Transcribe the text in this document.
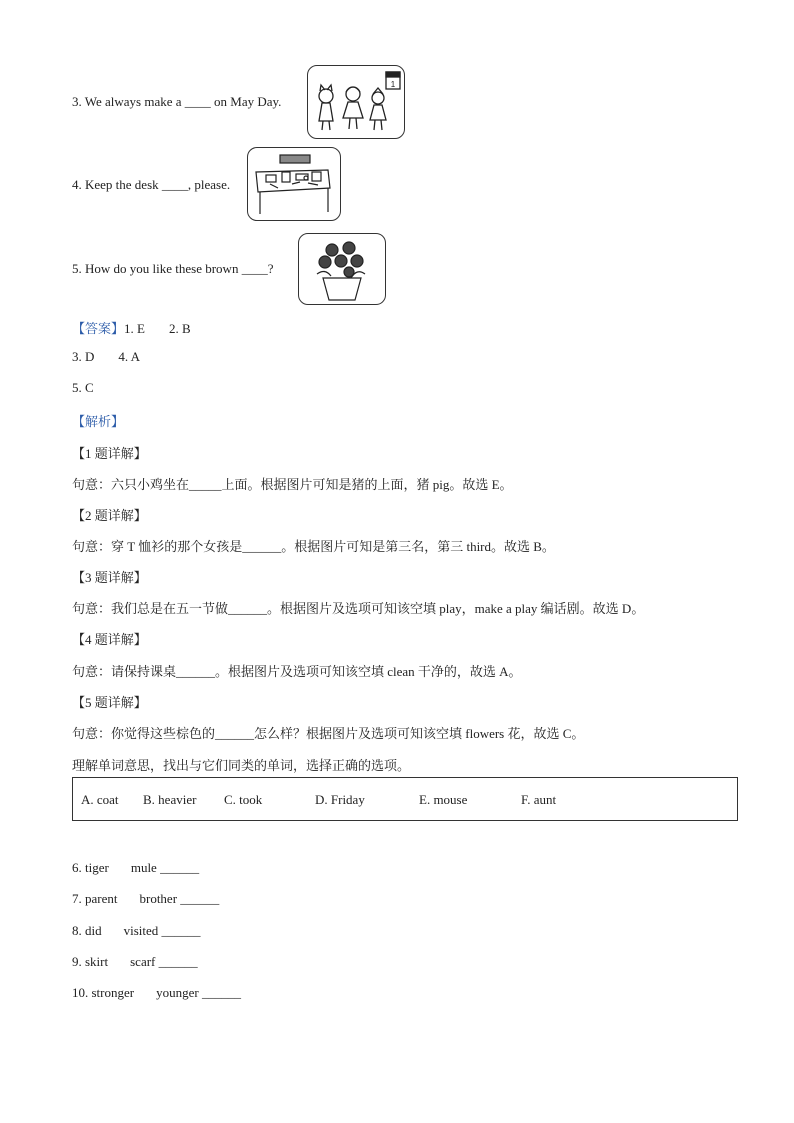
3. We always make a ____ on May Day.
1
4. Keep the desk ____, please.
5. How do you like these brown ____?
【答案】1. E 2. B
3. D 4. A
5. C
【解析】
【1 题详解】
句意：六只小鸡坐在_____上面。根据图片可知是猪的上面，猪 pig。故选 E。
【2 题详解】
句意：穿 T 恤衫的那个女孩是______。根据图片可知是第三名，第三 third。故选 B。
【3 题详解】
句意：我们总是在五一节做______。根据图片及选项可知该空填 play，make a play 编话剧。故选 D。
【4 题详解】
句意：请保持课桌______。根据图片及选项可知该空填 clean 干净的，故选 A。
【5 题详解】
句意：你觉得这些棕色的______怎么样？根据图片及选项可知该空填 flowers 花，故选 C。
理解单词意思，找出与它们同类的单词，选择正确的选项。
A. coat B. heavier C. took	D. Friday	E. mouse	F. aunt
6. tiger mule ______
7. parent brother ______
8. did visited ______
9. skirt scarf ______
10. stronger younger ______
